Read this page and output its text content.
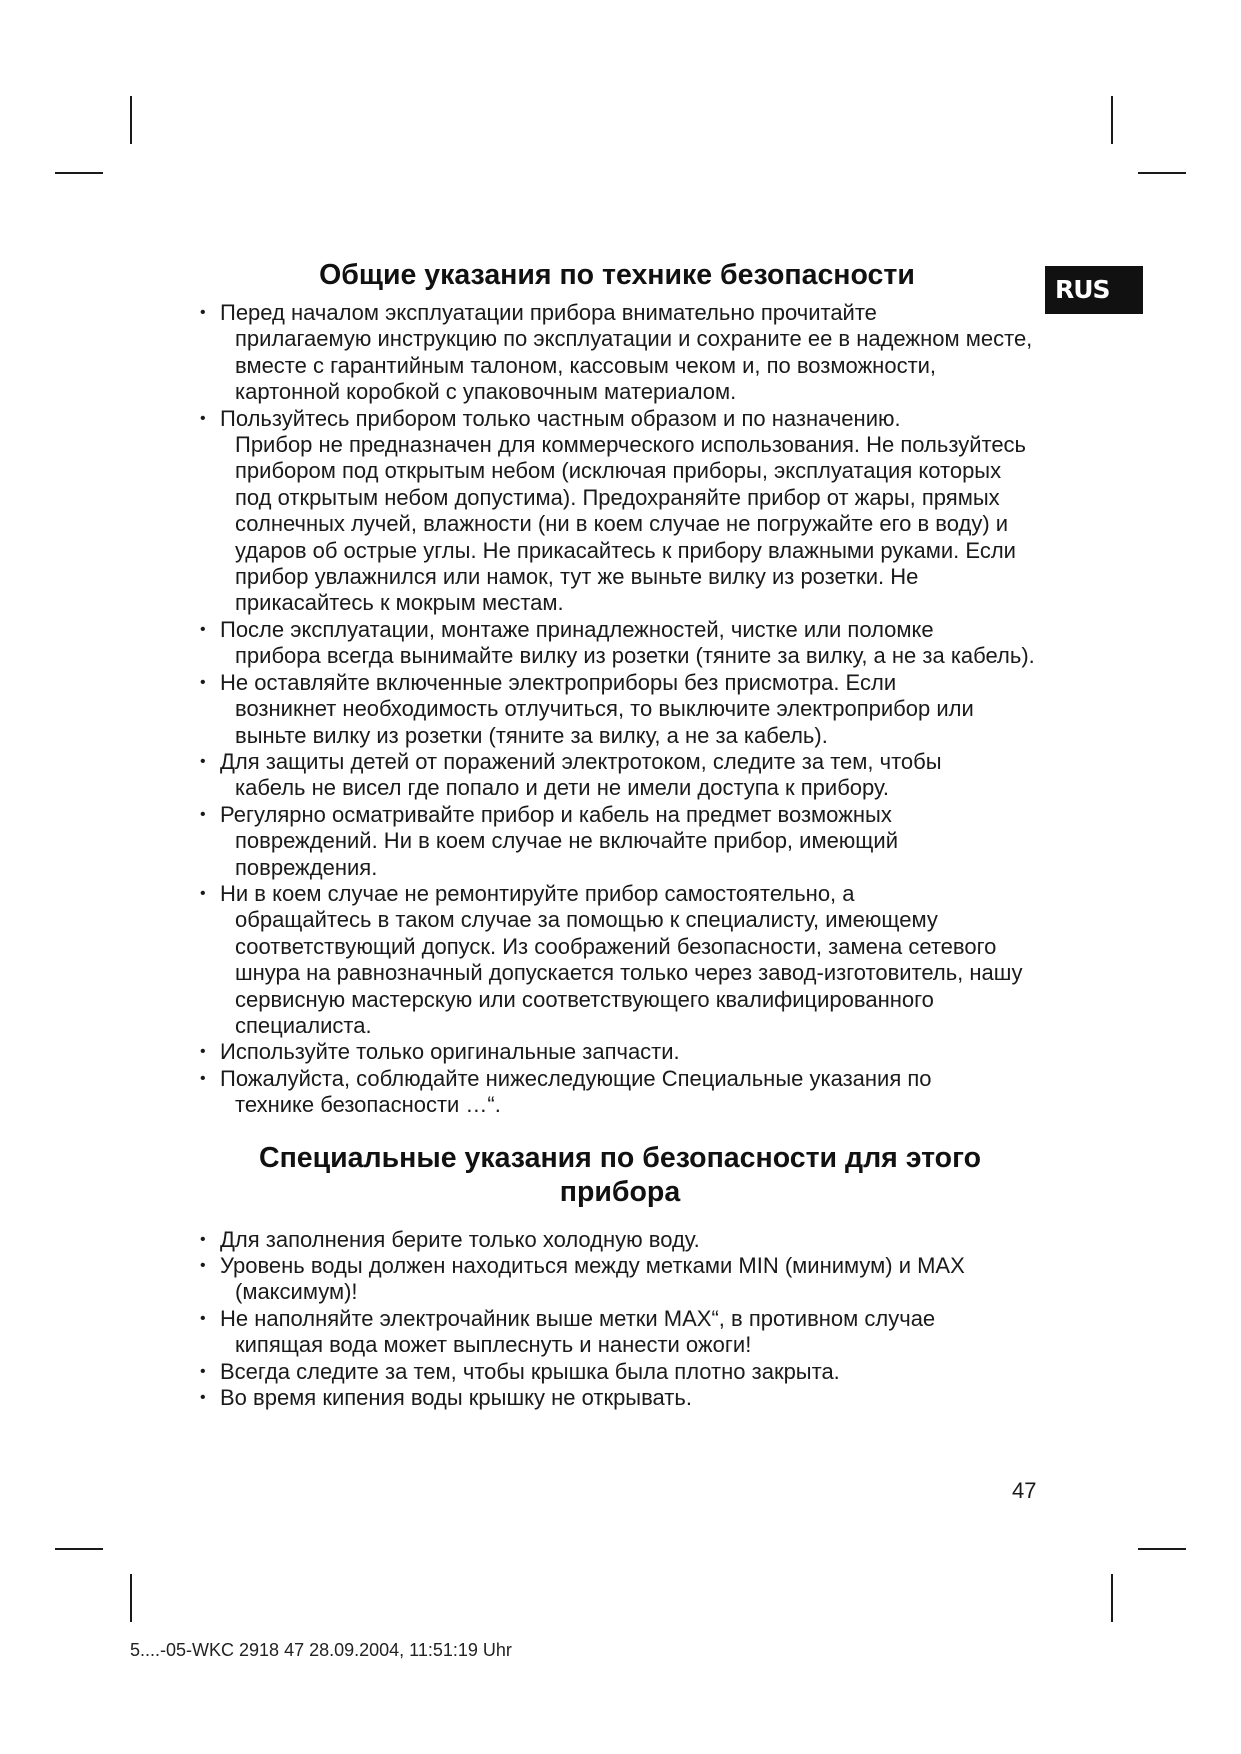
RUS
Общие указания по технике безопасности
• Перед началом эксплуатации прибора внимательно прочитайте
прилагаемую инструкцию по эксплуатации и сохраните ее в надежном месте, вместе с гарантийным талоном, кассовым чеком и, по возможности, картонной коробкой с упаковочным материалом.
• Пользуйтесь прибором только частным образом и по назначению.
Прибор не предназначен для коммерческого использования. Не пользуйтесь прибором под открытым небом (исключая приборы, эксплуатация которых под открытым небом допустима). Предохраняйте прибор от жары, прямых солнечных лучей, влажности (ни в коем случае не погружайте его в воду) и ударов об острые углы. Не прикасайтесь к прибору влажными руками. Если прибор увлажнился или намок, тут же выньте вилку из розетки. Не прикасайтесь к мокрым местам.
• После эксплуатации, монтаже принадлежностей, чистке или поломке
прибора всегда вынимайте вилку из розетки (тяните за вилку, а не за кабель).
• Не оставляйте включенные электроприборы без присмотра. Если
возникнет необходимость отлучиться, то выключите электроприбор или выньте вилку из розетки (тяните за вилку, а не за кабель).
• Для защиты детей от поражений электротоком, следите за тем, чтобы
кабель не висел где попало и дети не имели доступа к прибору.
• Регулярно осматривайте прибор и кабель на предмет возможных
повреждений. Ни в коем случае не включайте прибор, имеющий повреждения.
• Ни в коем случае не ремонтируйте прибор самостоятельно, а
обращайтесь в таком случае за помощью к специалисту, имеющему соответствующий допуск. Из соображений безопасности, замена сетевого шнура на равнозначный допускается только через завод-изготовитель, нашу сервисную мастерскую или соответствующего квалифицированного специалиста.
• Используйте только оригинальные запчасти.
• Пожалуйста, соблюдайте нижеследующие Специальные указания по
технике безопасности …“.
Специальные указания по безопасности для этого прибора
• Для заполнения берите только холодную воду.
• Уровень воды должен находиться между метками MIN (минимум) и MAX
(максимум)!
• Не наполняйте электрочайник выше метки MAX“, в противном случае
кипящая вода может выплеснуть и нанести ожоги!
• Всегда следите за тем, чтобы крышка была плотно закрыта.
• Во время кипения воды крышку не открывать.
47
5....-05-WKC 2918 47 28.09.2004, 11:51:19 Uhr
